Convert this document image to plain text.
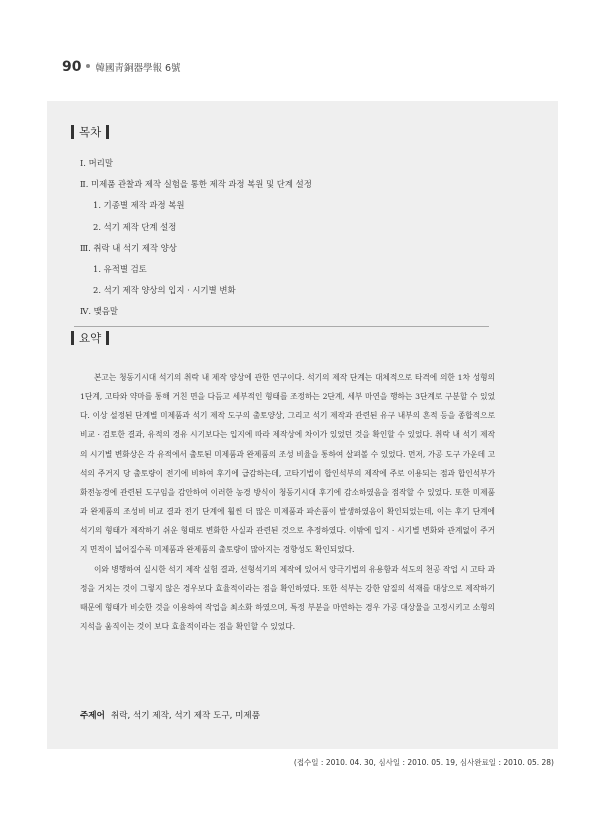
90 韓國靑銅器學報 6號
목차
Ⅰ. 머리말
Ⅱ. 미제품 관찰과 제작 실험을 통한 제작 과정 복원 및 단계 설정
1. 기종별 제작 과정 복원
2. 석기 제작 단계 설정
Ⅲ. 취락 내 석기 제작 양상
1. 유적별 검토
2. 석기 제작 양상의 입지 · 시기별 변화
Ⅳ. 맺음말
요약

본고는 청동기시대 석기의 취락 내 제작 양상에 관한 연구이다. 석기의 제작 단계는 대체적으로 타격에 의한 1차 성형의 1단계, 고타와 약마를 통해 거친 면을 다듬고 세부적인 형태를 조정하는 2단계, 세부 마연을 행하는 3단계로 구분할 수 있었다. 이상 설정된 단계별 미제품과 석기 제작 도구의 출토양상, 그리고 석기 제작과 관련된 유구 내부의 흔적 등을 종합적으로 비교 · 검토한 결과, 유적의 경유 시기보다는 입지에 따라 제작상에 차이가 있었던 것을 확인할 수 있었다. 취락 내 석기 제작의 시기별 변화상은 각 유적에서 출토된 미제품과 완제품의 조성 비율을 통하여 살펴볼 수 있었다. 먼저, 가공 도구 가운데 고석의 주거지 당 출토량이 전기에 비하여 후기에 급감하는데, 고타기법이 합인석부의 제작에 주로 이용되는 점과 합인석부가 화전농경에 관련된 도구임을 감안하여 이러한 농경 방식이 청동기시대 후기에 감소하였음을 점작할 수 있었다. 또한 미제품과 완제품의 조성비 비교 결과 전기 단계에 훨씬 더 많은 미제품과 파손품이 발생하였음이 확인되었는데, 이는 후기 단계에 석기의 형태가 제작하기 쉬운 형태로 변화한 사실과 관련된 것으로 추정하였다. 이밖에 입지 · 시기별 변화와 관계없이 주거지 면적이 넓어질수록 미제품과 완제품의 출토량이 많아지는 경향성도 확인되었다.

이와 병행하여 실시한 석기 제작 실험 결과, 선형석기의 제작에 있어서 양극기법의 유용함과 석도의 천공 작업 시 고타 과정을 거치는 것이 그렇지 않은 경우보다 효율적이라는 점을 확인하였다. 또한 석부는 강한 암질의 석재를 대상으로 제작하기 때문에 형태가 비슷한 것을 이용하여 작업을 최소화 하였으며, 특정 부분을 마연하는 경우 가공 대상물을 고정시키고 소형의 지석을 움직이는 것이 보다 효율적이라는 점을 확인할 수 있었다.

주제어 취락, 석기 제작, 석기 제작 도구, 미제품
(접수일 : 2010. 04. 30, 심사일 : 2010. 05. 19, 심사완료일 : 2010. 05. 28)
